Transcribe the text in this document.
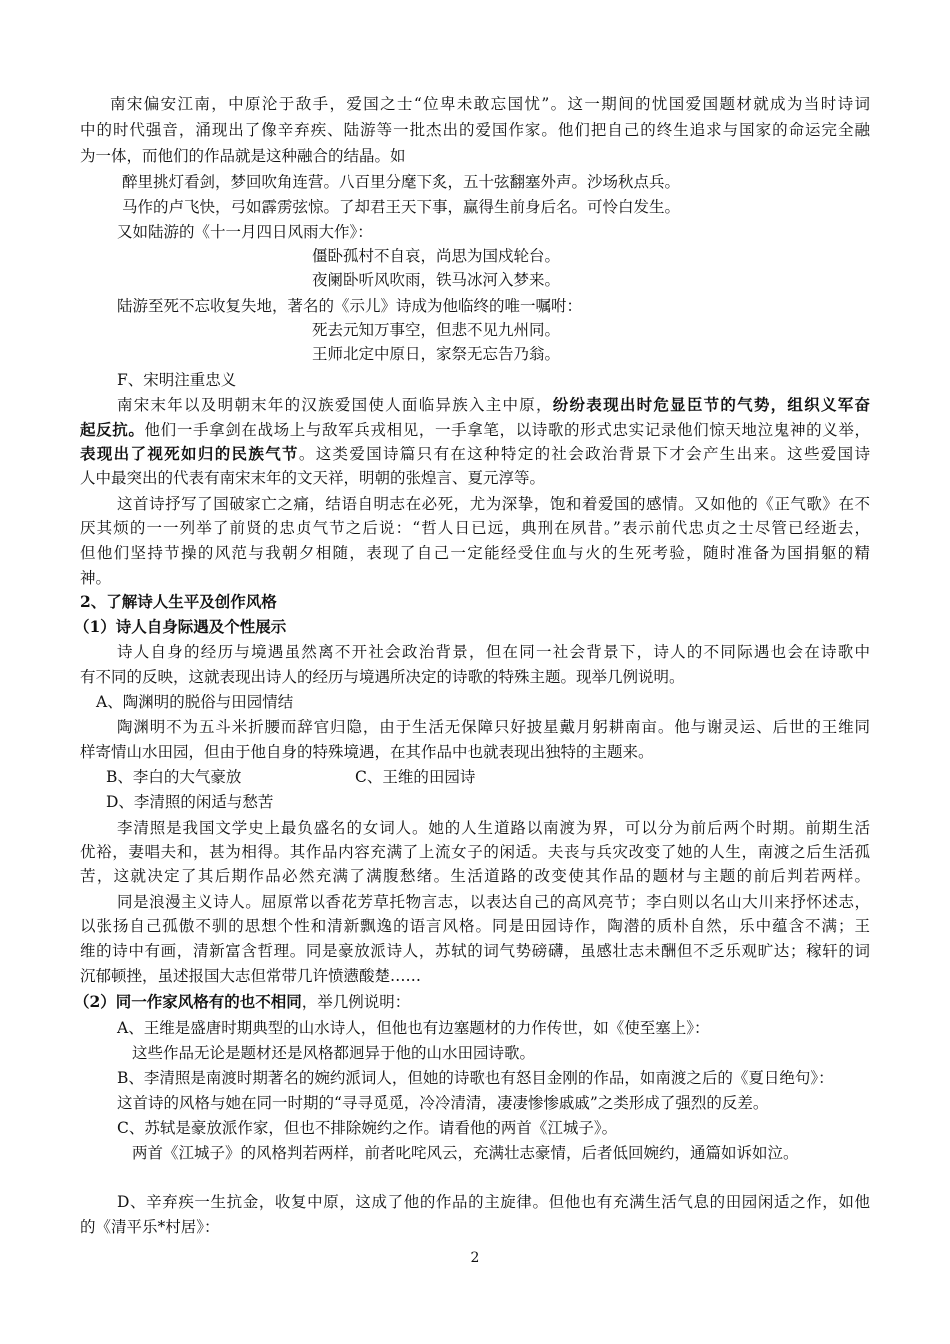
南宋偏安江南，中原沦于敌手，爱国之士“位卑未敢忘国忧”。这一期间的忧国爱国题材就成为当时诗词
中的时代强音，涌现出了像辛弃疾、陆游等一批杰出的爱国作家。他们把自己的终生追求与国家的命运完全融
为一体，而他们的作品就是这种融合的结晶。如
醉里挑灯看剑，梦回吹角连营。八百里分麾下炙，五十弦翻塞外声。沙场秋点兵。
马作的卢飞快，弓如霹雳弦惊。了却君王天下事，赢得生前身后名。可怜白发生。
又如陆游的《十一月四日风雨大作》：
僵卧孤村不自哀，尚思为国戍轮台。
夜阑卧听风吹雨，铁马冰河入梦来。
陆游至死不忘收复失地，著名的《示儿》诗成为他临终的唯一嘱咐：
死去元知万事空，但悲不见九州同。
王师北定中原日，家祭无忘告乃翁。
F、宋明注重忠义
南宋末年以及明朝末年的汉族爱国使人面临异族入主中原，纷纷表现出时危显臣节的气势，组织义军奋
起反抗。他们一手拿剑在战场上与敌军兵戎相见，一手拿笔，以诗歌的形式忠实记录他们惊天地泣鬼神的义举，
表现出了视死如归的民族气节。这类爱国诗篇只有在这种特定的社会政治背景下才会产生出来。这些爱国诗
人中最突出的代表有南宋末年的文天祥，明朝的张煌言、夏元淳等。
这首诗抒写了国破家亡之痛，结语自明志在必死，尤为深挚，饱和着爱国的感情。又如他的《正气歌》在不
厌其烦的一一列举了前贤的忠贞气节之后说：“哲人日已远，典刑在夙昔。”表示前代忠贞之士尽管已经逝去，
但他们坚持节操的风范与我朝夕相随，表现了自己一定能经受住血与火的生死考验，随时准备为国捐躯的精
神。
2、了解诗人生平及创作风格
（1）诗人自身际遇及个性展示
诗人自身的经历与境遇虽然离不开社会政治背景，但在同一社会背景下，诗人的不同际遇也会在诗歌中
有不同的反映，这就表现出诗人的经历与境遇所决定的诗歌的特殊主题。现举几例说明。
A、陶渊明的脱俗与田园情结
陶渊明不为五斗米折腰而辞官归隐，由于生活无保障只好披星戴月躬耕南亩。他与谢灵运、后世的王维同
样寄情山水田园，但由于他自身的特殊境遇，在其作品中也就表现出独特的主题来。
B、李白的大气豪放	C、王维的田园诗
D、李清照的闲适与愁苦
李清照是我国文学史上最负盛名的女词人。她的人生道路以南渡为界，可以分为前后两个时期。前期生活
优裕，妻唱夫和，甚为相得。其作品内容充满了上流女子的闲适。夫丧与兵灾改变了她的人生，南渡之后生活孤
苦，这就决定了其后期作品必然充满了满腹愁绪。生活道路的改变使其作品的题材与主题的前后判若两样。
同是浪漫主义诗人。屈原常以香花芳草托物言志，以表达自己的高风亮节；李白则以名山大川来抒怀述志，
以张扬自己孤傲不驯的思想个性和清新飘逸的语言风格。同是田园诗作，陶潜的质朴自然，乐中蕴含不满；王
维的诗中有画，清新富含哲理。同是豪放派诗人，苏轼的词气势磅礴，虽感壮志未酬但不乏乐观旷达；稼轩的词
沉郁顿挫，虽述报国大志但常带几许愤懑酸楚……
（2）同一作家风格有的也不相同，举几例说明：
A、王维是盛唐时期典型的山水诗人，但他也有边塞题材的力作传世，如《使至塞上》：
这些作品无论是题材还是风格都迥异于他的山水田园诗歌。
B、李清照是南渡时期著名的婉约派词人，但她的诗歌也有怒目金刚的作品，如南渡之后的《夏日绝句》：
这首诗的风格与她在同一时期的“寻寻觅觅，冷冷清清，凄凄惨惨戚戚”之类形成了强烈的反差。
C、苏轼是豪放派作家，但也不排除婉约之作。请看他的两首《江城子》。
两首《江城子》的风格判若两样，前者叱咤风云，充满壮志豪情，后者低回婉约，通篇如诉如泣。
D、辛弃疾一生抗金，收复中原，这成了他的作品的主旋律。但他也有充满生活气息的田园闲适之作，如他
的《清平乐*村居》：
2
